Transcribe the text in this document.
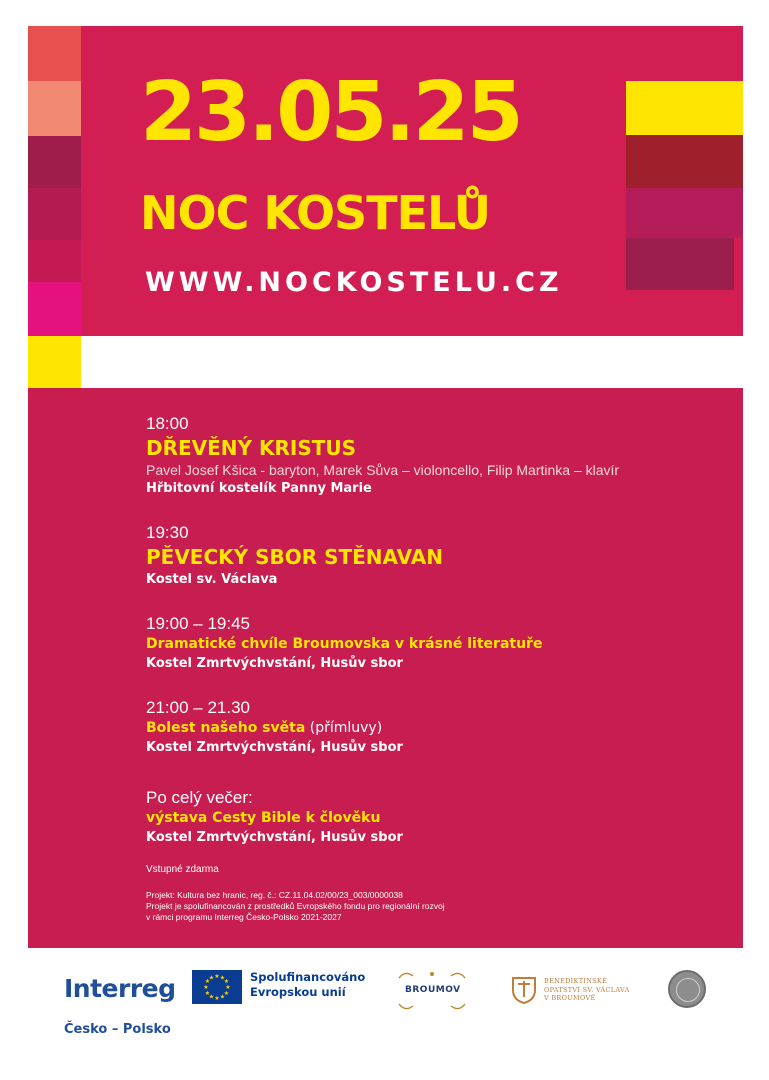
23.05.25
NOC KOSTELŮ
WWW.NOCKOSTELU.CZ
18:00
DŘEVĚNÝ KRISTUS
Pavel Josef Kšica - baryton, Marek Sůva – violoncello, Filip Martinka – klavír
Hřbitovní kostelík Panny Marie
19:30
PĚVECKÝ SBOR STĚNAVAN
Kostel sv. Václava
19:00 – 19:45
Dramatické chvíle Broumovska v krásné literatuře
Kostel Zmrtvýchvstání, Husův sbor
21:00 – 21.30
Bolest našeho světa (přímluvy)
Kostel Zmrtvýchvstání, Husův sbor
Po celý večer:
výstava Cesty Bible k člověku
Kostel Zmrtvýchvstání, Husův sbor
Vstupné zdarma
Projekt: Kultura bez hranic, reg. č.: CZ.11.04.02/00/23_003/0000038
Projekt je spolufinancován z prostředků Evropského fondu pro regionální rozvoj
v rámci programu Interreg Česko-Polsko 2021-2027
Interreg
Česko – Polsko
★ ★
★
★
★
★
★
★
★
★
★
★	Spolufinancováno
Evropskou unií	BROUMOV
BENEDIKTINSKÉ
OPATSTVÍ SV. VÁCLAVA
V BROUMOVĚ
